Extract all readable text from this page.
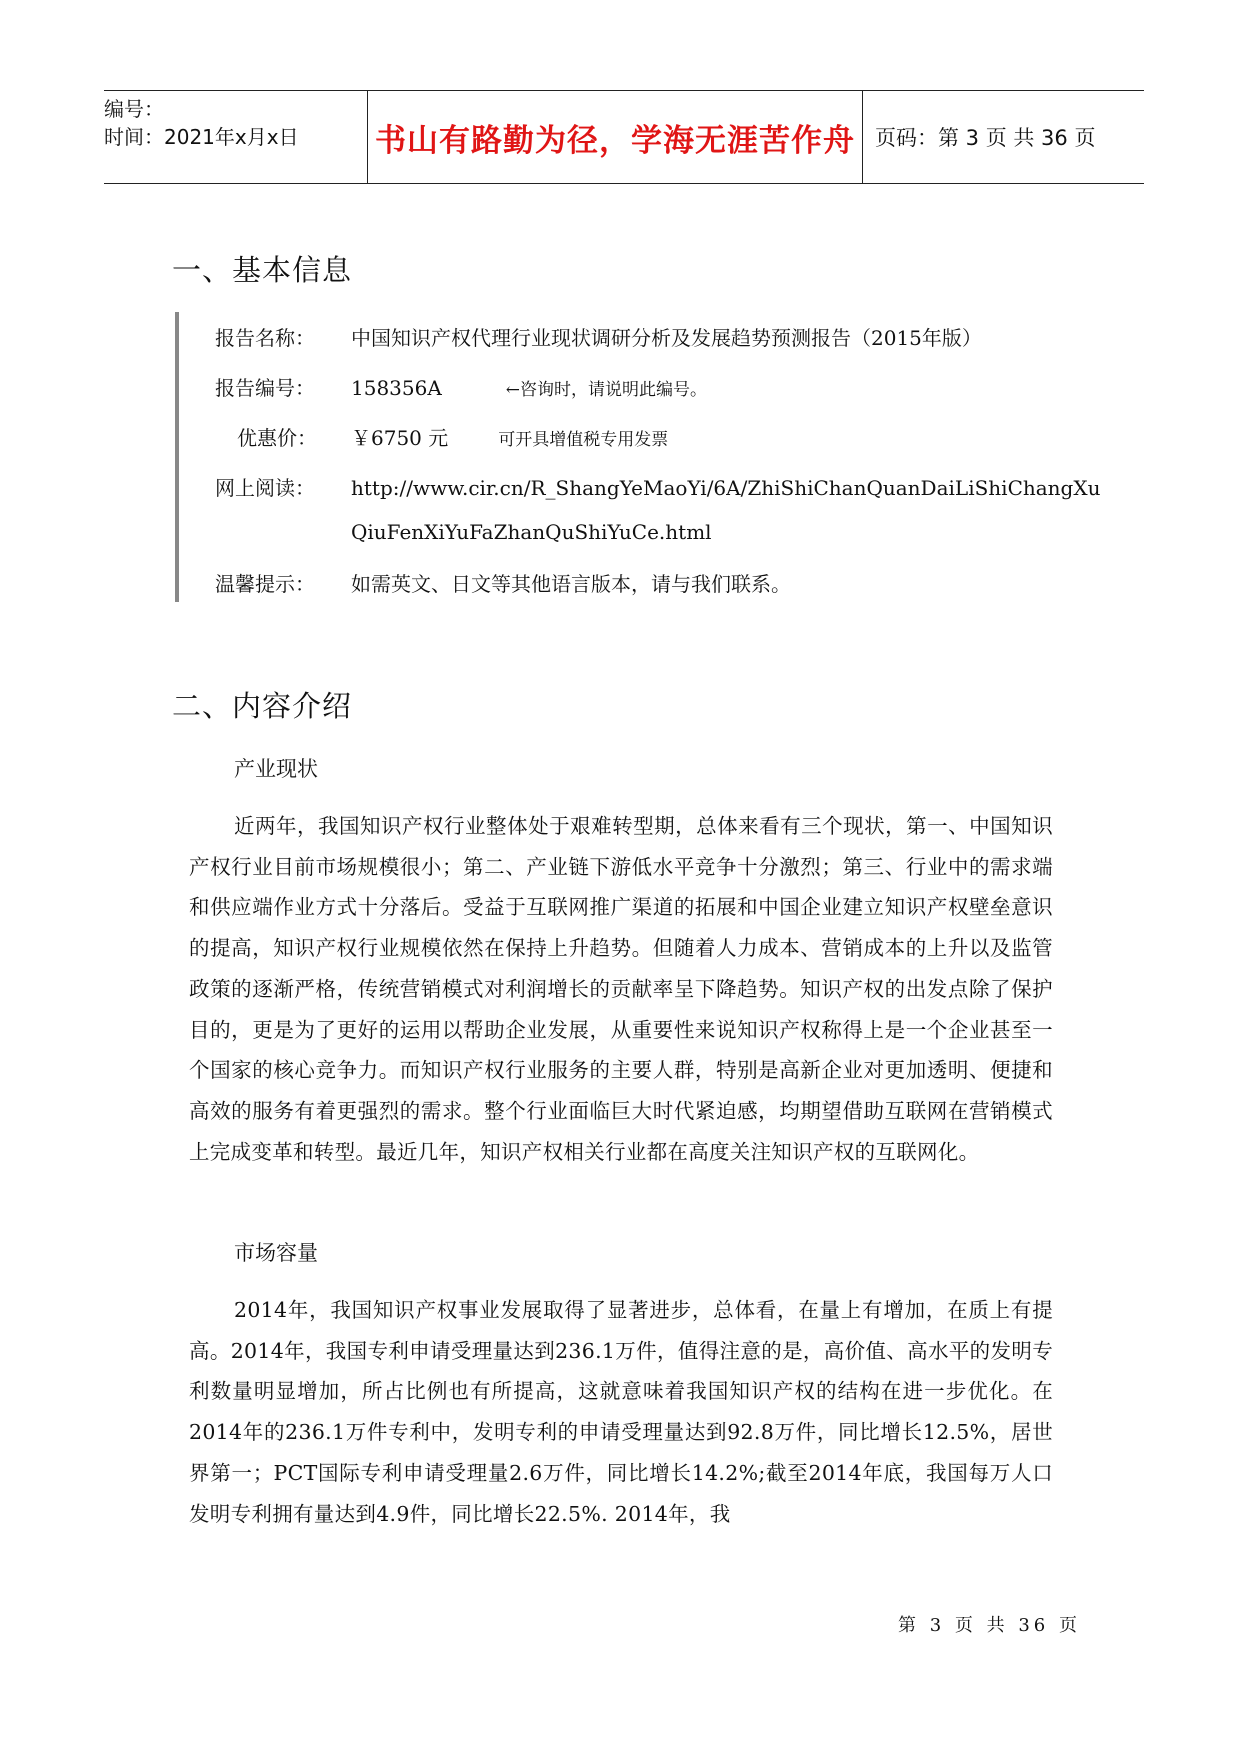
编号：
时间：2021年x月x日	书山有路勤为径，学海无涯苦作舟 页码：第 3 页 共 36 页
一、基本信息
报告名称： 中国知识产权代理行业现状调研分析及发展趋势预测报告（2015年版）
报告编号： 158356A	←咨询时，请说明此编号。
优惠价： ￥6750 元	可开具增值税专用发票
网上阅读： http://www.cir.cn/R_ShangYeMaoYi/6A/ZhiShiChanQuanDaiLiShiChangXu
QiuFenXiYuFaZhanQuShiYuCe.html
温馨提示： 如需英文、日文等其他语言版本，请与我们联系。
二、内容介绍
产业现状

近两年，我国知识产权行业整体处于艰难转型期，总体来看有三个现状，第一、中国知识产权行业目前市场规模很小；第二、产业链下游低水平竞争十分激烈；第三、行业中的需求端和供应端作业方式十分落后。受益于互联网推广渠道的拓展和中国企业建立知识产权壁垒意识的提高，知识产权行业规模依然在保持上升趋势。但随着人力成本、营销成本的上升以及监管政策的逐渐严格，传统营销模式对利润增长的贡献率呈下降趋势。知识产权的出发点除了保护目的，更是为了更好的运用以帮助企业发展，从重要性来说知识产权称得上是一个企业甚至一个国家的核心竞争力。而知识产权行业服务的主要人群，特别是高新企业对更加透明、便捷和高效的服务有着更强烈的需求。整个行业面临巨大时代紧迫感，均期望借助互联网在营销模式上完成变革和转型。最近几年，知识产权相关行业都在高度关注知识产权的互联网化。

市场容量

2014年，我国知识产权事业发展取得了显著进步，总体看，在量上有增加，在质上有提高。2014年，我国专利申请受理量达到236.1万件，值得注意的是，高价值、高水平的发明专利数量明显增加，所占比例也有所提高，这就意味着我国知识产权的结构在进一步优化。在2014年的236.1万件专利中，发明专利的申请受理量达到92.8万件，同比增长12.5%，居世界第一；PCT国际专利申请受理量2.6万件，同比增长14.2%;截至2014年底，我国每万人口发明专利拥有量达到4.9件，同比增长22.5%. 2014年，我

第 3 页 共 36 页
